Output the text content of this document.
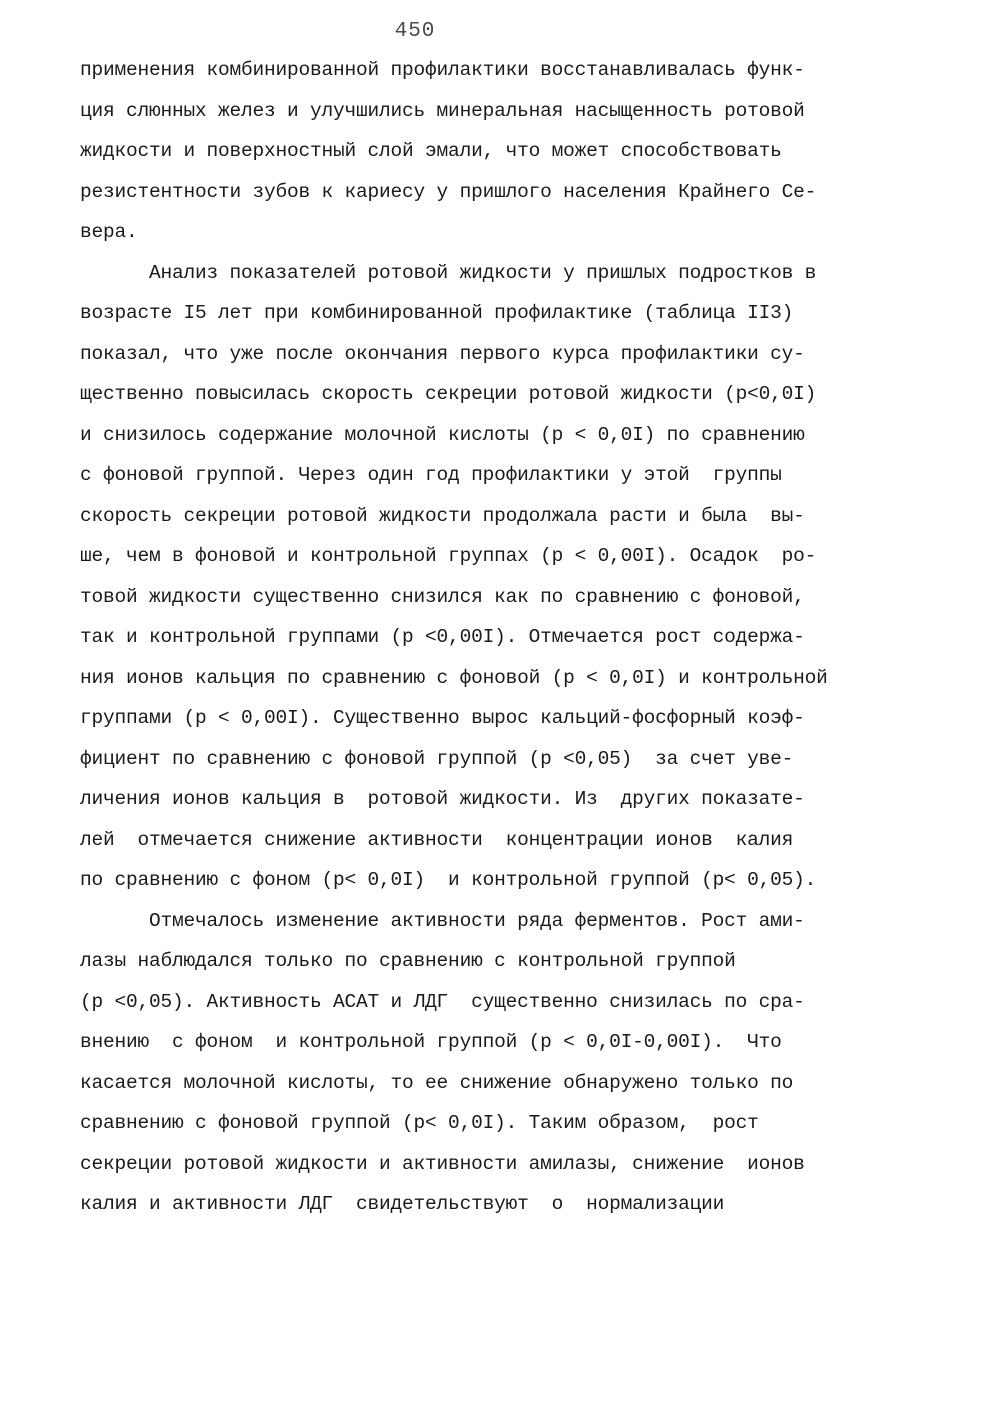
450
применения комбинированной профилактики восстанавливалась функ-
ция слюнных желез и улучшились минеральная насыщенность ротовой
жидкости и поверхностный слой эмали, что может способствовать
резистентности зубов к кариесу у пришлого населения Крайнего Се-
вера.
Анализ показателей ротовой жидкости у пришлых подростков в
возрасте I5 лет при комбинированной профилактике (таблица II3)
показал, что уже после окончания первого курса профилактики су-
щественно повысилась скорость секреции ротовой жидкости (р<0,0I)
и снизилось содержание молочной кислоты (р < 0,0I) по сравнению
с фоновой группой. Через один год профилактики у этой  группы
скорость секреции ротовой жидкости продолжала расти и была  вы-
ше, чем в фоновой и контрольной группах (р < 0,00I). Осадок  ро-
товой жидкости существенно снизился как по сравнению с фоновой,
так и контрольной группами (р <0,00I). Отмечается рост содержа-
ния ионов кальция по сравнению с фоновой (р < 0,0I) и контрольной
группами (р < 0,00I). Существенно вырос кальций-фосфорный коэф-
фициент по сравнению с фоновой группой (р <0,05)  за счет уве-
личения ионов кальция в  ротовой жидкости. Из  других показате-
лей  отмечается снижение активности  концентрации ионов  калия
по сравнению с фоном (р< 0,0I)  и контрольной группой (р< 0,05).
Отмечалось изменение активности ряда ферментов. Рост ами-
лазы наблюдался только по сравнению с контрольной группой
(р <0,05). Активность АСАТ и ЛДГ  существенно снизилась по сра-
внению  с фоном  и контрольной группой (р < 0,0I-0,00I).  Что
касается молочной кислоты, то ее снижение обнаружено только по
сравнению с фоновой группой (р< 0,0I). Таким образом,  рост
секреции ротовой жидкости и активности амилазы, снижение  ионов
калия и активности ЛДГ  свидетельствуют  о  нормализации
